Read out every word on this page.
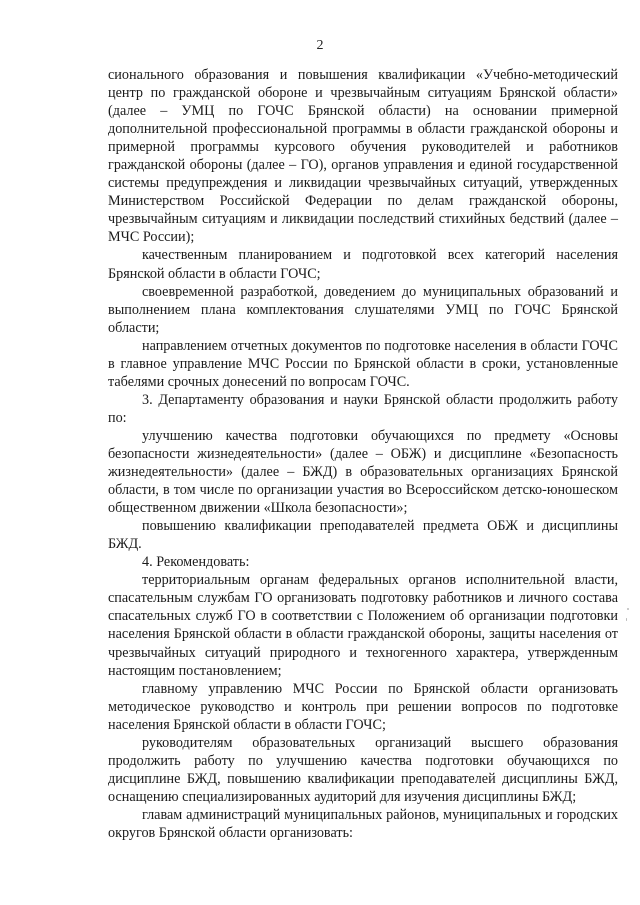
2

сионального образования и повышения квалификации «Учебно-методический центр по гражданской обороне и чрезвычайным ситуациям Брянской области» (далее – УМЦ по ГОЧС Брянской области) на основании примерной дополнительной профессиональной программы в области гражданской обороны и примерной программы курсового обучения руководителей и работников гражданской обороны (далее – ГО), органов управления и единой государственной системы предупреждения и ликвидации чрезвычайных ситуаций, утвержденных Министерством Российской Федерации по делам гражданской обороны, чрезвычайным ситуациям и ликвидации последствий стихийных бедствий (далее – МЧС России);

качественным планированием и подготовкой всех категорий населения Брянской области в области ГОЧС;

своевременной разработкой, доведением до муниципальных образований и выполнением плана комплектования слушателями УМЦ по ГОЧС Брянской области;

направлением отчетных документов по подготовке населения в области ГОЧС в главное управление МЧС России по Брянской области в сроки, установленные табелями срочных донесений по вопросам ГОЧС.

3. Департаменту образования и науки Брянской области продолжить работу по:

улучшению качества подготовки обучающихся по предмету «Основы безопасности жизнедеятельности» (далее – ОБЖ) и дисциплине «Безопасность жизнедеятельности» (далее – БЖД) в образовательных организациях Брянской области, в том числе по организации участия во Всероссийском детско-юношеском общественном движении «Школа безопасности»;

повышению квалификации преподавателей предмета ОБЖ и дисциплины БЖД.

4. Рекомендовать:

территориальным органам федеральных органов исполнительной власти, спасательным службам ГО организовать подготовку работников и личного состава спасательных служб ГО в соответствии с Положением об организации подготовки населения Брянской области в области гражданской обороны, защиты населения от чрезвычайных ситуаций природного и техногенного характера, утвержденным настоящим постановлением;

главному управлению МЧС России по Брянской области организовать методическое руководство и контроль при решении вопросов по подготовке населения Брянской области в области ГОЧС;

руководителям образовательных организаций высшего образования продолжить работу по улучшению качества подготовки обучающихся по дисциплине БЖД, повышению квалификации преподавателей дисциплины БЖД, оснащению специализированных аудиторий для изучения дисциплины БЖД;

главам администраций муниципальных районов, муниципальных и городских округов Брянской области организовать:
